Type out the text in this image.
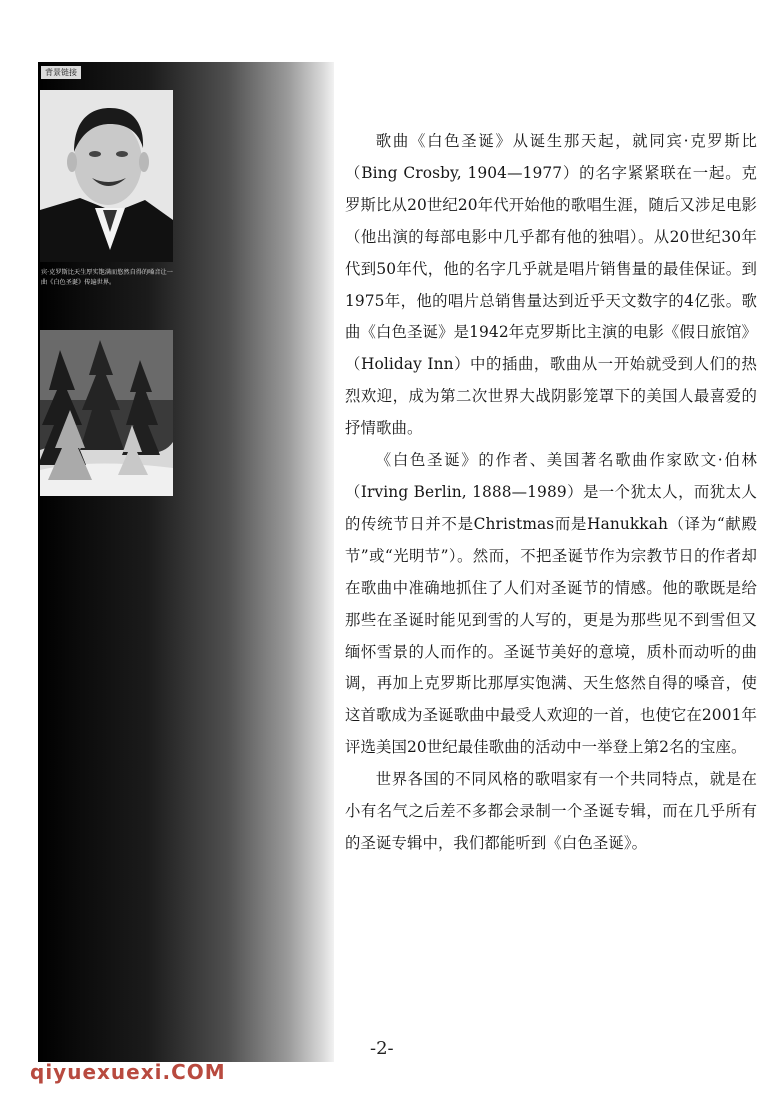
背景链接
宾·克罗斯比天生厚实饱满而悠然自得的嗓音让一曲《白色圣诞》传遍世界。

歌曲《白色圣诞》从诞生那天起，就同宾·克罗斯比（Bing Crosby, 1904—1977）的名字紧紧联在一起。克罗斯比从20世纪20年代开始他的歌唱生涯，随后又涉足电影（他出演的每部电影中几乎都有他的独唱）。从20世纪30年代到50年代，他的名字几乎就是唱片销售量的最佳保证。到1975年，他的唱片总销售量达到近乎天文数字的4亿张。歌曲《白色圣诞》是1942年克罗斯比主演的电影《假日旅馆》（Holiday Inn）中的插曲，歌曲从一开始就受到人们的热烈欢迎，成为第二次世界大战阴影笼罩下的美国人最喜爱的抒情歌曲。

《白色圣诞》的作者、美国著名歌曲作家欧文·伯林（Irving Berlin, 1888—1989）是一个犹太人，而犹太人的传统节日并不是Christmas而是Hanukkah（译为“献殿节”或“光明节”）。然而，不把圣诞节作为宗教节日的作者却在歌曲中准确地抓住了人们对圣诞节的情感。他的歌既是给那些在圣诞时能见到雪的人写的，更是为那些见不到雪但又缅怀雪景的人而作的。圣诞节美好的意境，质朴而动听的曲调，再加上克罗斯比那厚实饱满、天生悠然自得的嗓音，使这首歌成为圣诞歌曲中最受人欢迎的一首，也使它在2001年评选美国20世纪最佳歌曲的活动中一举登上第2名的宝座。

世界各国的不同风格的歌唱家有一个共同特点，就是在小有名气之后差不多都会录制一个圣诞专辑，而在几乎所有的圣诞专辑中，我们都能听到《白色圣诞》。

-2-
qiyuexuexi.COM
